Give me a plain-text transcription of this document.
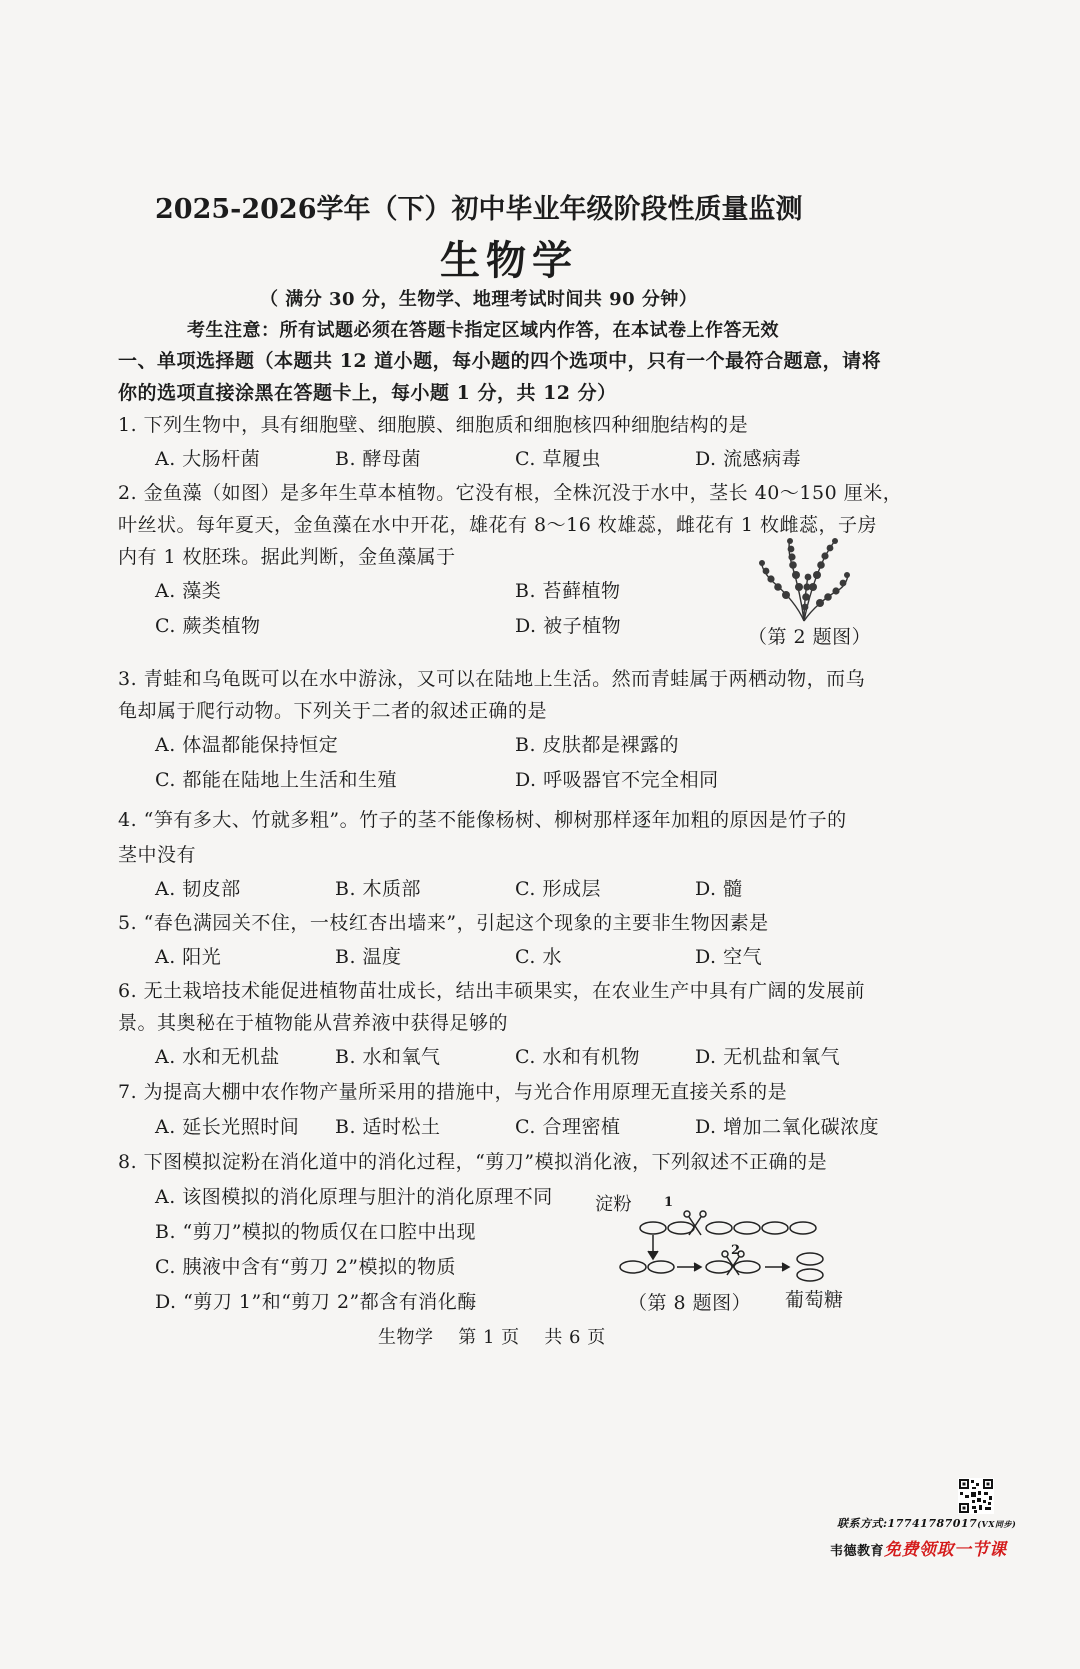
2025-2026学年（下）初中毕业年级阶段性质量监测
生物学
（ 满分 30 分，生物学、地理考试时间共 90 分钟）
考生注意：所有试题必须在答题卡指定区域内作答，在本试卷上作答无效
一、单项选择题（本题共 12 道小题，每小题的四个选项中，只有一个最符合题意，请将
你的选项直接涂黑在答题卡上，每小题 1 分，共 12 分）
1. 下列生物中，具有细胞壁、细胞膜、细胞质和细胞核四种细胞结构的是
A. 大肠杆菌	B. 酵母菌	C. 草履虫	D. 流感病毒
2. 金鱼藻（如图）是多年生草本植物。它没有根，全株沉没于水中，茎长 40～150 厘米，
叶丝状。每年夏天，金鱼藻在水中开花，雄花有 8～16 枚雄蕊，雌花有 1 枚雌蕊，子房
内有 1 枚胚珠。据此判断，金鱼藻属于
A. 藻类	B. 苔藓植物
C. 蕨类植物	D. 被子植物	（第 2 题图）
3. 青蛙和乌龟既可以在水中游泳，又可以在陆地上生活。然而青蛙属于两栖动物，而乌
龟却属于爬行动物。下列关于二者的叙述正确的是
A. 体温都能保持恒定	B. 皮肤都是裸露的
C. 都能在陆地上生活和生殖	D. 呼吸器官不完全相同
4. “笋有多大、竹就多粗”。竹子的茎不能像杨树、柳树那样逐年加粗的原因是竹子的
茎中没有
A. 韧皮部	B. 木质部	C. 形成层	D. 髓
5. “春色满园关不住，一枝红杏出墙来”，引起这个现象的主要非生物因素是
A. 阳光	B. 温度	C. 水	D. 空气
6. 无土栽培技术能促进植物苗壮成长，结出丰硕果实，在农业生产中具有广阔的发展前
景。其奥秘在于植物能从营养液中获得足够的
A. 水和无机盐	B. 水和氧气	C. 水和有机物	D. 无机盐和氧气
7. 为提高大棚中农作物产量所采用的措施中，与光合作用原理无直接关系的是
A. 延长光照时间 B. 适时松土	C. 合理密植	D. 增加二氧化碳浓度
8. 下图模拟淀粉在消化道中的消化过程，“剪刀”模拟消化液，下列叙述不正确的是
A. 该图模拟的消化原理与胆汁的消化原理不同
B. “剪刀”模拟的物质仅在口腔中出现
C. 胰液中含有“剪刀 2”模拟的物质
D. “剪刀 1”和“剪刀 2”都含有消化酶
淀粉 1
2
（第 8 题图） 葡萄糖
生物学　 第 1 页　 共 6 页
联系方式:17741787017(VX同步)
韦德教育免费领取一节课
